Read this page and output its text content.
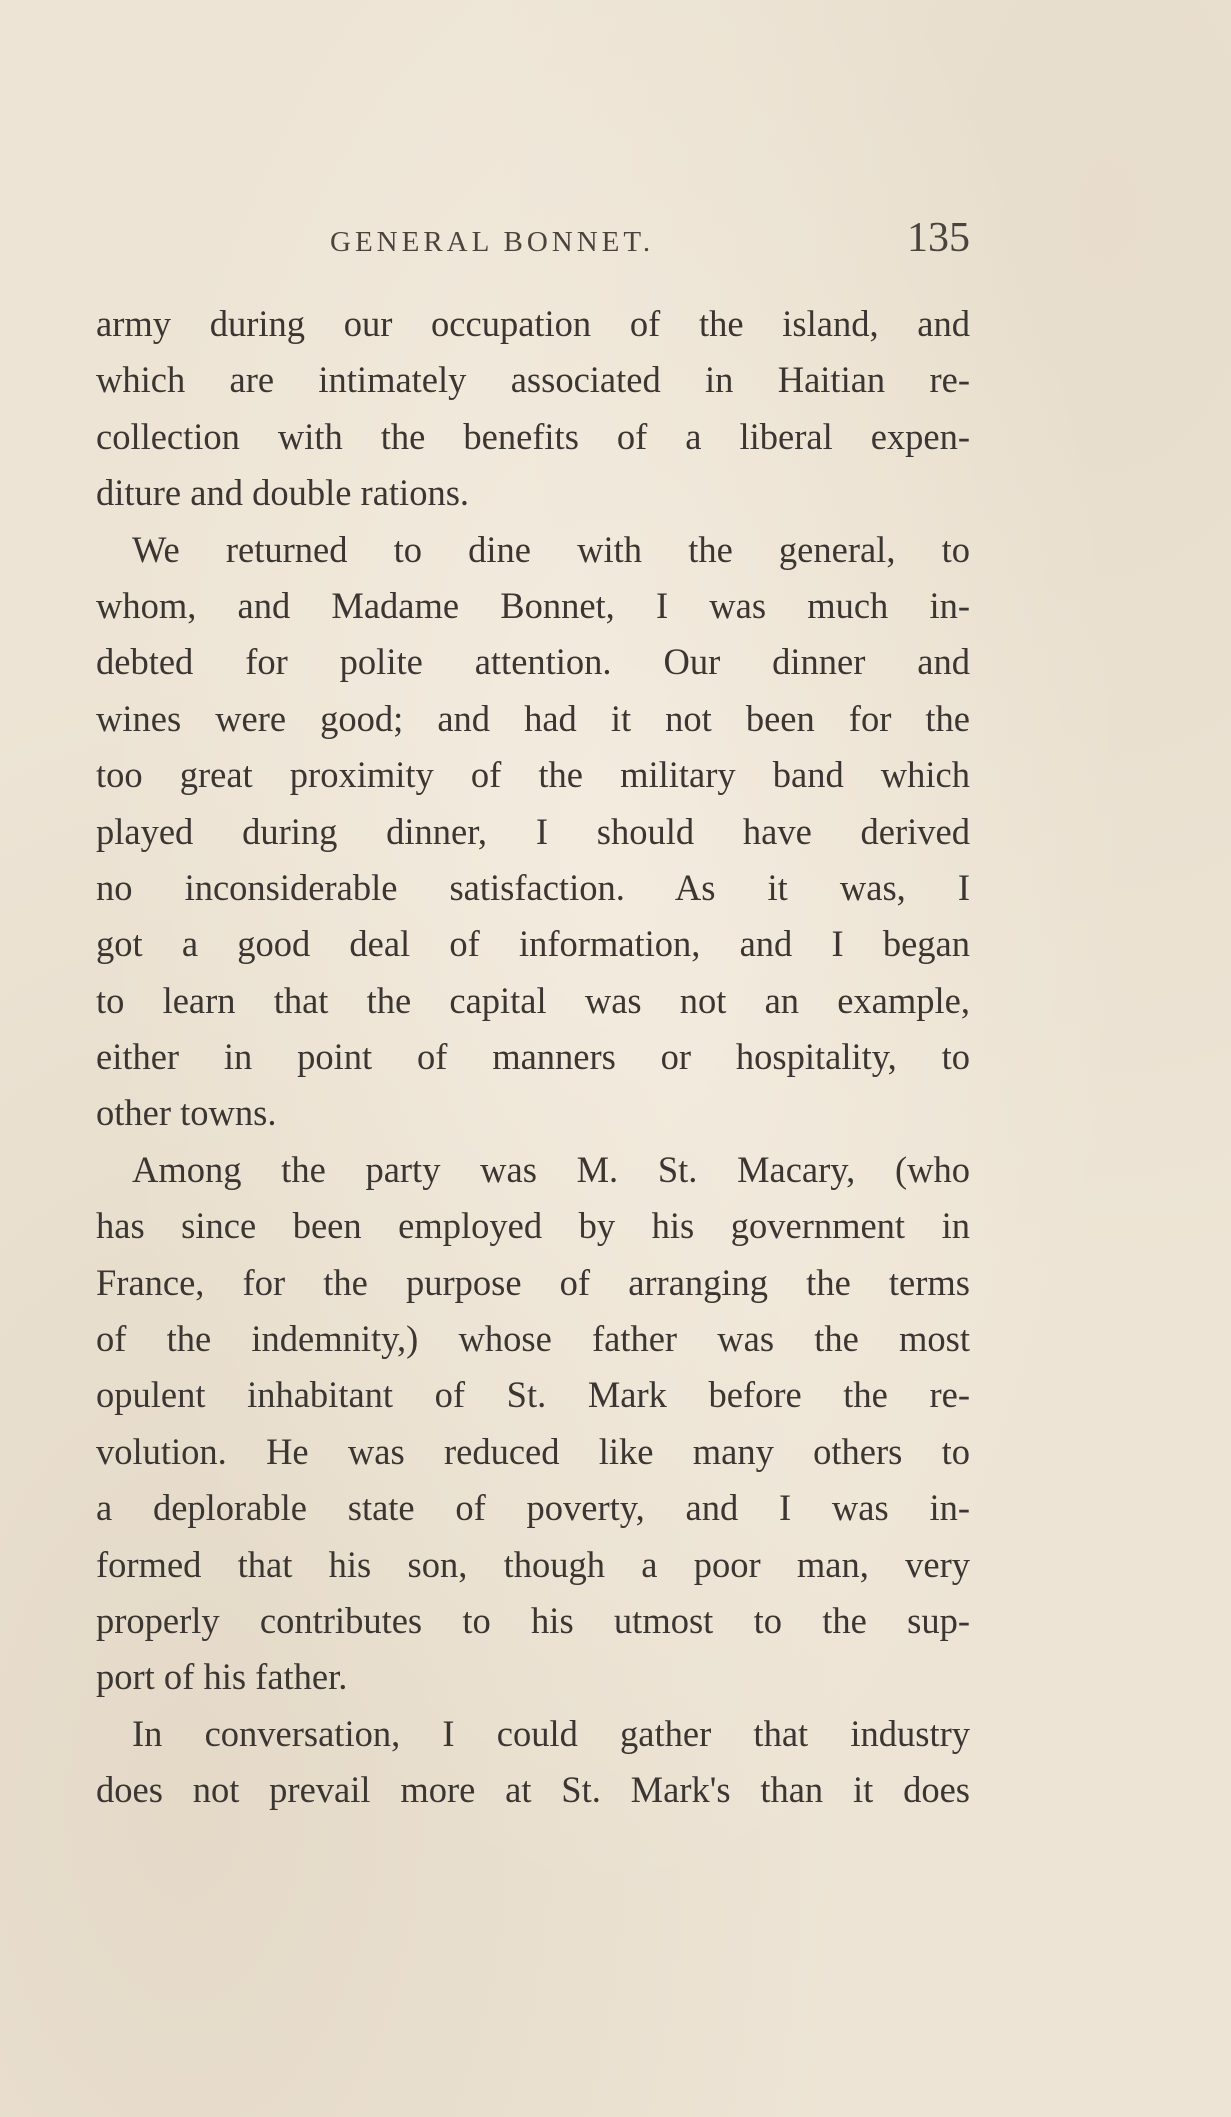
GENERAL BONNET.	135
army during our occupation of the island, and
which are intimately associated in Haitian re-
collection with the benefits of a liberal expen-
diture and double rations.
We returned to dine with the general, to
whom, and Madame Bonnet, I was much in-
debted for polite attention. Our dinner and
wines were good; and had it not been for the
too great proximity of the military band which
played during dinner, I should have derived
no inconsiderable satisfaction. As it was, I
got a good deal of information, and I began
to learn that the capital was not an example,
either in point of manners or hospitality, to
other towns.
Among the party was M. St. Macary, (who
has since been employed by his government in
France, for the purpose of arranging the terms
of the indemnity,) whose father was the most
opulent inhabitant of St. Mark before the re-
volution. He was reduced like many others to
a deplorable state of poverty, and I was in-
formed that his son, though a poor man, very
properly contributes to his utmost to the sup-
port of his father.
In conversation, I could gather that industry
does not prevail more at St. Mark's than it does
